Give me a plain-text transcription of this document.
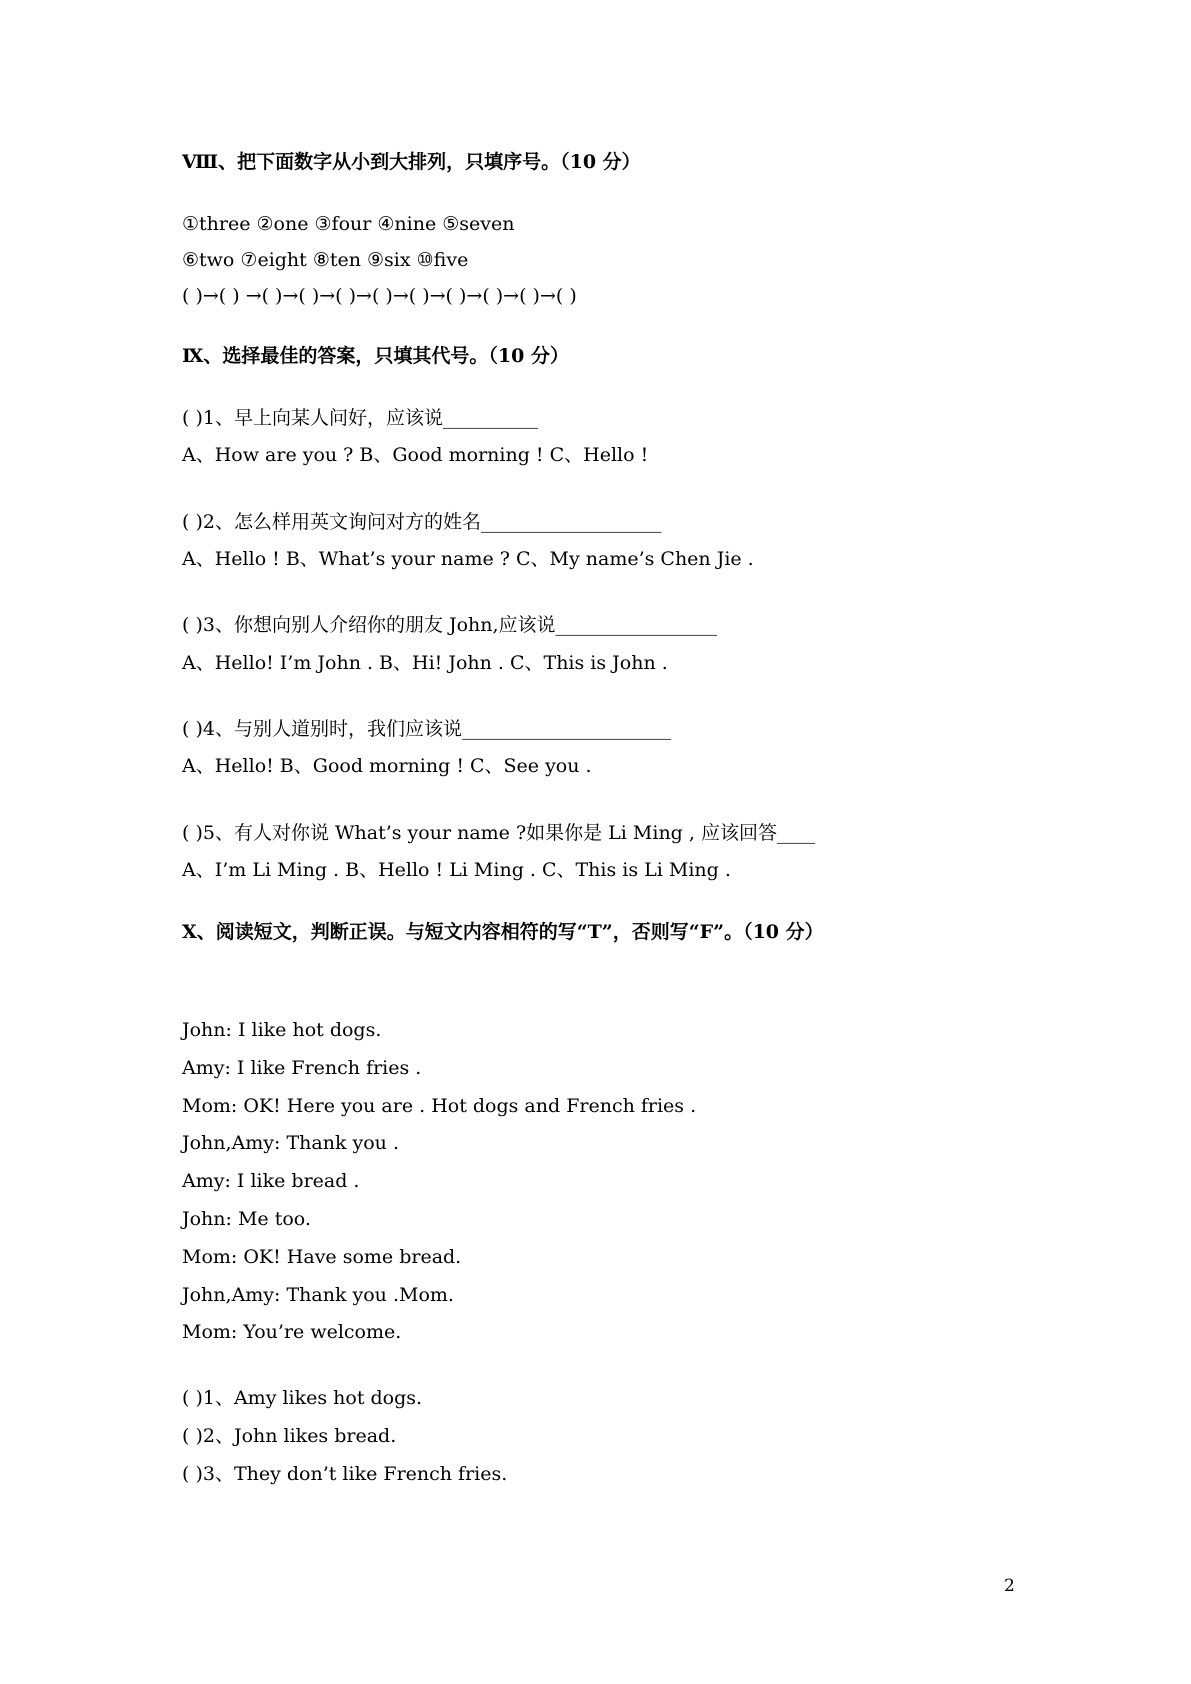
Ⅷ、把下面数字从小到大排列，只填序号。（10 分）
①three ②one ③four ④nine ⑤seven
⑥two ⑦eight ⑧ten ⑨six ⑩five
( )→( ) →( )→( )→( )→( )→( )→( )→( )→( )→( )
Ⅸ、选择最佳的答案，只填其代号。（10 分）
( )1、早上向某人问好，应该说__________
A、How are you ? B、Good morning ! C、Hello !
( )2、怎么样用英文询问对方的姓名___________________
A、Hello ! B、What’s your name ? C、My name’s Chen Jie .
( )3、你想向别人介绍你的朋友 John,应该说_________________
A、Hello! I’m John . B、Hi! John . C、This is John .
( )4、与别人道别时，我们应该说______________________
A、Hello! B、Good morning ! C、See you .
( )5、有人对你说 What’s your name ?如果你是 Li Ming , 应该回答____
A、I’m Li Ming . B、Hello ! Li Ming . C、This is Li Ming .
Ⅹ、阅读短文，判断正误。与短文内容相符的写“T”，否则写“F”。（10 分）
John: I like hot dogs.
Amy: I like French fries .
Mom: OK! Here you are . Hot dogs and French fries .
John,Amy: Thank you .
Amy: I like bread .
John: Me too.
Mom: OK! Have some bread.
John,Amy: Thank you .Mom.
Mom: You’re welcome.
( )1、Amy likes hot dogs.
( )2、John likes bread.
( )3、They don’t like French fries.
2
